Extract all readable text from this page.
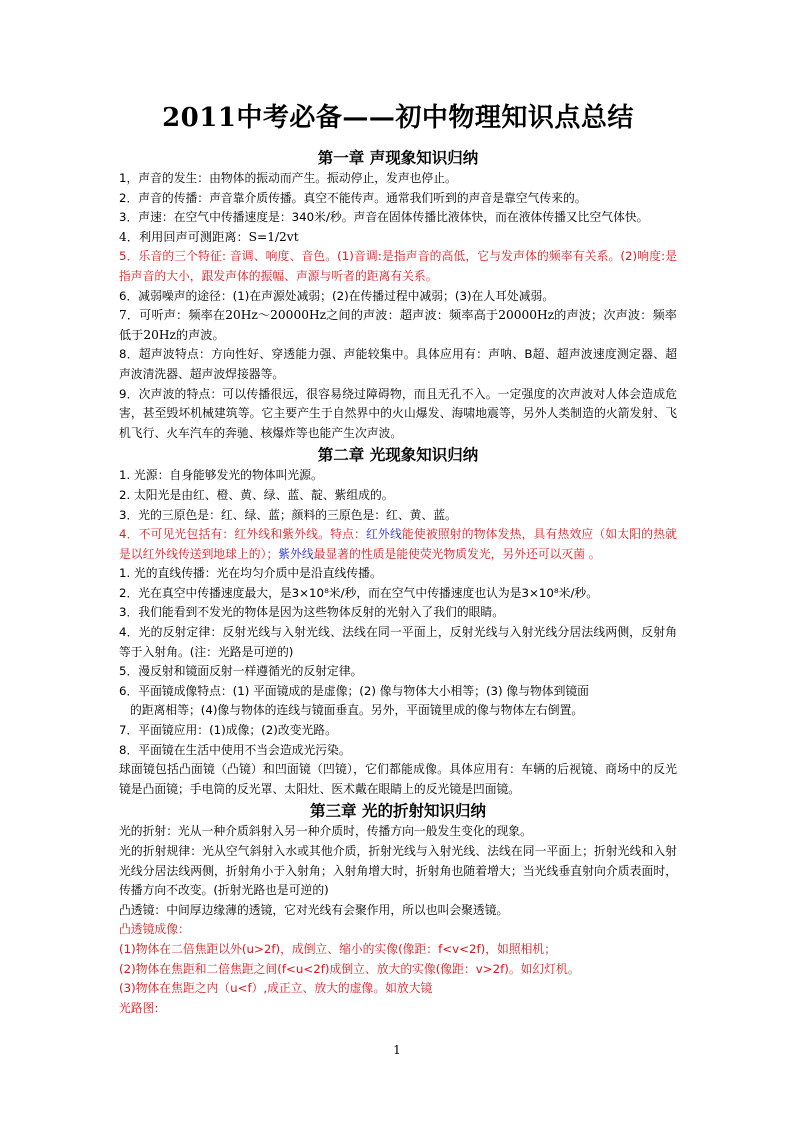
2011中考必备——初中物理知识点总结
第一章 声现象知识归纳

1，声音的发生：由物体的振动而产生。振动停止，发声也停止。

2．声音的传播：声音靠介质传播。真空不能传声。通常我们听到的声音是靠空气传来的。

3．声速：在空气中传播速度是：340米/秒。声音在固体传播比液体快，而在液体传播又比空气体快。

4．利用回声可测距离：S=1/2vt

5．乐音的三个特征: 音调、响度、音色。(1)音调:是指声音的高低，它与发声体的频率有关系。(2)响度:是指声音的大小，跟发声体的振幅、声源与听者的距离有关系。

6．减弱噪声的途径：(1)在声源处减弱；(2)在传播过程中减弱；(3)在人耳处减弱。

7．可听声：频率在20Hz～20000Hz之间的声波：超声波：频率高于20000Hz的声波；次声波：频率低于20Hz的声波。

8．超声波特点：方向性好、穿透能力强、声能较集中。具体应用有：声呐、B超、超声波速度测定器、超声波清洗器、超声波焊接器等。

9．次声波的特点：可以传播很远，很容易绕过障碍物，而且无孔不入。一定强度的次声波对人体会造成危害，甚至毁坏机械建筑等。它主要产生于自然界中的火山爆发、海啸地震等，另外人类制造的火箭发射、飞机飞行、火车汽车的奔驰、核爆炸等也能产生次声波。

第二章 光现象知识归纳

1. 光源：自身能够发光的物体叫光源。

2. 太阳光是由红、橙、黄、绿、蓝、靛、紫组成的。

3．光的三原色是：红、绿、蓝；颜料的三原色是：红、黄、蓝。

4．不可见光包括有：红外线和紫外线。特点：红外线能使被照射的物体发热，具有热效应（如太阳的热就是以红外线传送到地球上的）；紫外线最显著的性质是能使荧光物质发光，另外还可以灭菌 。

1. 光的直线传播：光在均匀介质中是沿直线传播。

2．光在真空中传播速度最大，是3×10⁸米/秒，而在空气中传播速度也认为是3×10⁸米/秒。

3．我们能看到不发光的物体是因为这些物体反射的光射入了我们的眼睛。

4．光的反射定律：反射光线与入射光线、法线在同一平面上，反射光线与入射光线分居法线两侧，反射角等于入射角。(注：光路是可逆的)

5．漫反射和镜面反射一样遵循光的反射定律。

6．平面镜成像特点：(1) 平面镜成的是虚像；(2) 像与物体大小相等；(3) 像与物体到镜面

的距离相等；(4)像与物体的连线与镜面垂直。另外，平面镜里成的像与物体左右倒置。

7．平面镜应用：(1)成像；(2)改变光路。

8．平面镜在生活中使用不当会造成光污染。

球面镜包括凸面镜（凸镜）和凹面镜（凹镜），它们都能成像。具体应用有：车辆的后视镜、商场中的反光镜是凸面镜；手电筒的反光罩、太阳灶、医术戴在眼睛上的反光镜是凹面镜。

第三章 光的折射知识归纳

光的折射：光从一种介质斜射入另一种介质时，传播方向一般发生变化的现象。

光的折射规律：光从空气斜射入水或其他介质，折射光线与入射光线、法线在同一平面上；折射光线和入射光线分居法线两侧，折射角小于入射角；入射角增大时，折射角也随着增大；当光线垂直射向介质表面时，传播方向不改变。(折射光路也是可逆的)

凸透镜：中间厚边缘薄的透镜，它对光线有会聚作用，所以也叫会聚透镜。

凸透镜成像：

(1)物体在二倍焦距以外(u>2f)，成倒立、缩小的实像(像距：f<v<2f)，如照相机；

(2)物体在焦距和二倍焦距之间(f<u<2f)成倒立、放大的实像(像距：v>2f)。如幻灯机。

(3)物体在焦距之内（u<f）,成正立、放大的虚像。如放大镜

光路图:

1
